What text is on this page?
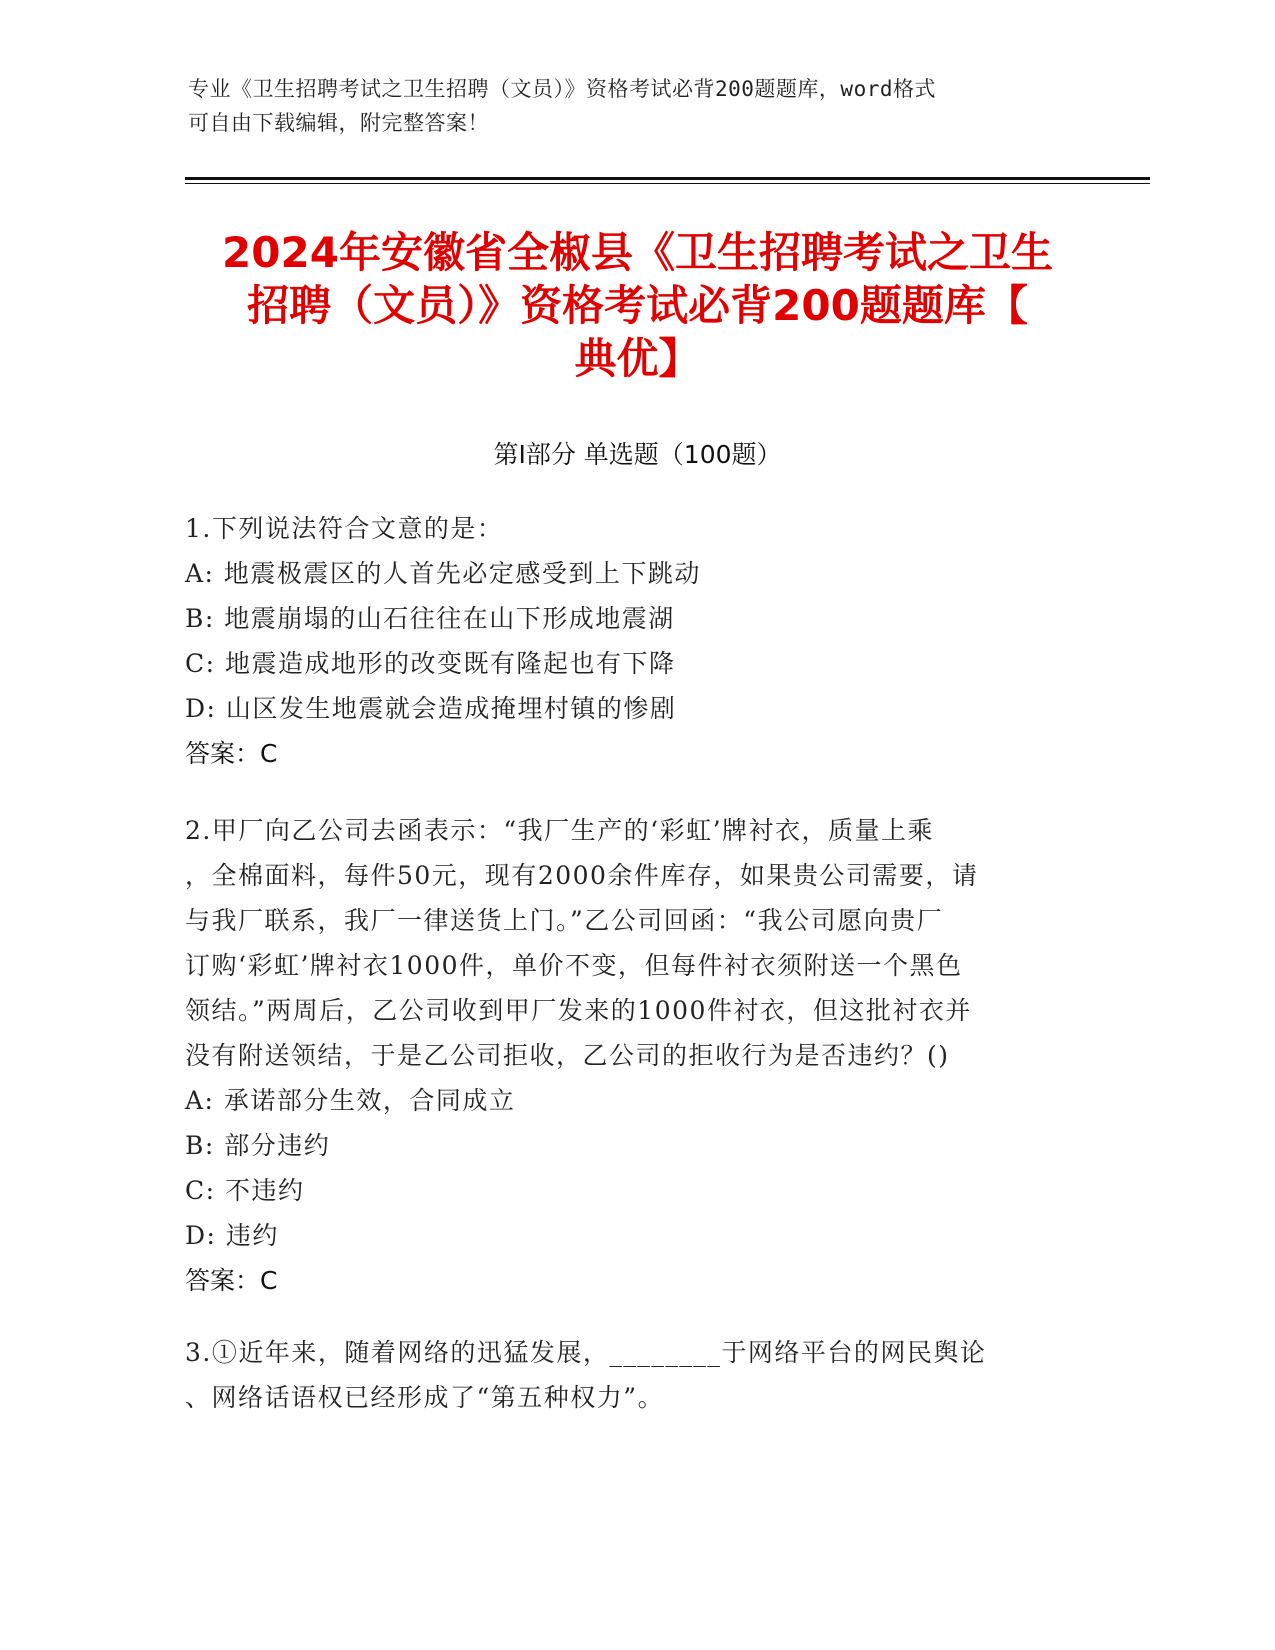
专业《卫生招聘考试之卫生招聘（文员）》资格考试必背200题题库，word格式
可自由下载编辑，附完整答案！
2024年安徽省全椒县《卫生招聘考试之卫生
招聘（文员）》资格考试必背200题题库【
典优】
第Ⅰ部分 单选题（100题）
1.下列说法符合文意的是：
A: 地震极震区的人首先必定感受到上下跳动
B: 地震崩塌的山石往往在山下形成地震湖
C: 地震造成地形的改变既有隆起也有下降
D: 山区发生地震就会造成掩埋村镇的惨剧
答案：C
2.甲厂向乙公司去函表示：“我厂生产的‘彩虹’牌衬衣，质量上乘
，全棉面料，每件50元，现有2000余件库存，如果贵公司需要，请
与我厂联系，我厂一律送货上门。”乙公司回函：“我公司愿向贵厂
订购‘彩虹’牌衬衣1000件，单价不变，但每件衬衣须附送一个黑色
领结。”两周后，乙公司收到甲厂发来的1000件衬衣，但这批衬衣并
没有附送领结，于是乙公司拒收，乙公司的拒收行为是否违约？()
A: 承诺部分生效，合同成立
B: 部分违约
C: 不违约
D: 违约
答案：C
3.①近年来，随着网络的迅猛发展，________于网络平台的网民舆论
、网络话语权已经形成了“第五种权力”。
